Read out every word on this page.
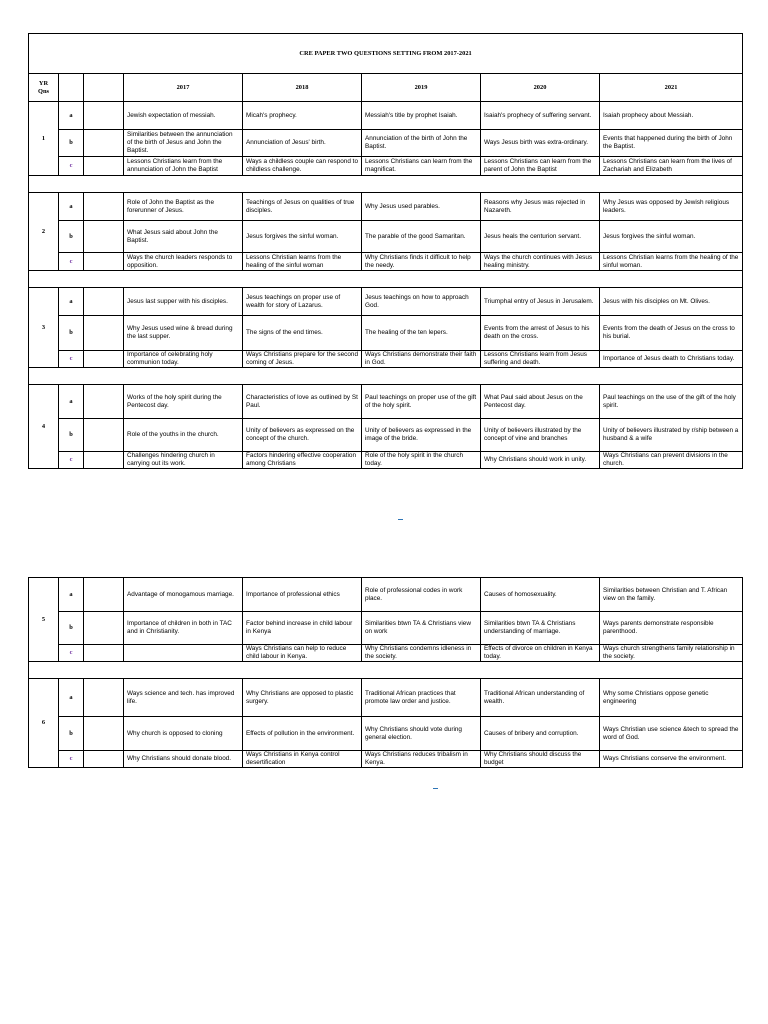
CRE PAPER TWO QUESTIONS SETTING FROM 2017-2021							
YR
Qns			2017	2018	2019	2020	2021
1	a		Jewish expectation of messiah.	Micah's prophecy.	Messiah's title by prophet Isaiah.	Isaiah's prophecy of suffering servant.	Isaiah prophecy about Messiah.
	b		Similarities between the annunciation of the birth of Jesus and John the Baptist.	Annunciation of Jesus' birth.	Annunciation of the birth of John the Baptist.	Ways Jesus birth was extra-ordinary.	Events that happened during the birth of John the Baptist.
	c		Lessons Christians learn from the annunciation of John the Baptist	Ways a childless couple can respond to childless challenge.	Lessons Christians can learn from the magnificat.	Lessons Christians can learn from the parent of John the Baptist	Lessons Christians can learn from the lives of Zachariah and Elizabeth

2	a		Role of John the Baptist as the forerunner of Jesus.	Teachings of Jesus on qualities of true disciples.	Why Jesus used parables.	Reasons why Jesus was rejected in Nazareth.	Why Jesus was opposed by Jewish religious leaders.
	b		What Jesus said about John the Baptist.	Jesus forgives the sinful woman.	The parable of the good Samaritan.	Jesus heals the centurion servant.	Jesus forgives the sinful woman.
	c		Ways the church leaders responds to opposition.	Lessons Christian learns from the healing of the sinful woman	Why Christians finds it difficult to help the needy.	Ways the church continues with Jesus healing ministry.	Lessons Christian learns from the healing of the sinful woman.

3	a		Jesus last supper with his disciples.	Jesus teachings on proper use of wealth for story of Lazarus.	Jesus teachings on how to approach God.	Triumphal entry of Jesus in Jerusalem.	Jesus with his disciples on Mt. Olives.
	b		Why Jesus used wine & bread during the last supper.	The signs of the end times.	The healing of the ten lepers.	Events from the arrest of Jesus to his death on the cross.	Events from the death of Jesus on the cross to his burial.
	c		Importance of celebrating holy communion today.	Ways Christians prepare for the second coming of Jesus.	Ways Christians demonstrate their faith in God.	Lessons Christians learn from Jesus suffering and death.	Importance of Jesus death to Christians today.

4	a		Works of the holy spirit during the Pentecost day.	Characteristics of love as outlined by St Paul.	Paul teachings on proper use of the gift of the holy spirit.	What Paul said about Jesus on the Pentecost day.	Paul teachings on the use of the gift of the holy spirit.
	b		Role of the youths in the church.	Unity of believers as expressed on the concept of the church.	Unity of believers as expressed in the image of the bride.	Unity of believers illustrated by the concept of vine and branches	Unity of believers illustrated by r/ship between a husband & a wife
	c		Challenges hindering church in carrying out its work.	Factors hindering effective cooperation among Christians	Role of the holy spirit in the church today.	Why Christians should work in unity.	Ways Christians can prevent divisions in the church.
5	a		Advantage of monogamous marriage.	Importance of professional ethics	Role of professional codes in work place.	Causes of homosexuality.	Similarities between Christian and T. African view on the family.
	b		Importance of children in both in TAC and in Christianity.	Factor behind increase in child labour in Kenya	Similarities btwn TA & Christians view on work	Similarities btwn TA & Christians understanding of marriage.	Ways parents demonstrate responsible parenthood.
	c			Ways Christians can help to reduce child labour in Kenya.	Why Christians condemns idleness in the society.	Effects of divorce on children in Kenya today.	Ways church strengthens family relationship in the society.

6	a		Ways science and tech. has improved life.	Why Christians are opposed to plastic surgery.	Traditional African practices that promote law order and justice.	Traditional African understanding of wealth.	Why some Christians oppose genetic engineering
	b		Why church is opposed to cloning	Effects of pollution in the environment.	Why Christians should vote during general election.	Causes of bribery and corruption.	Ways Christian use science &tech to spread the word of God.
	c		Why Christians should donate blood.	Ways Christians in Kenya control desertification	Ways Christians reduces tribalism in Kenya.	Why Christians should discuss the budget	Ways Christians conserve the environment.
